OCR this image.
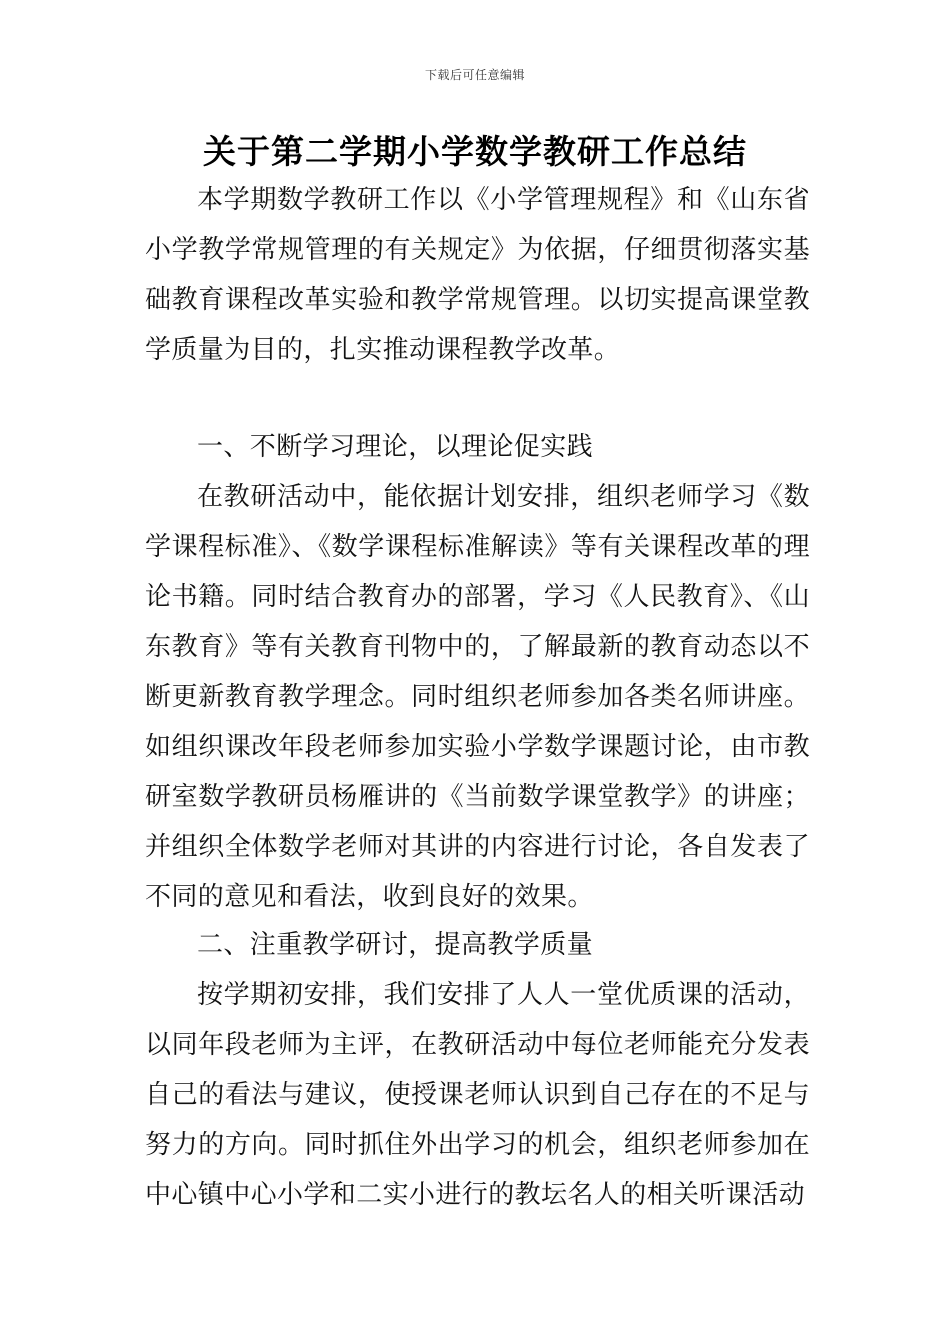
下载后可任意编辑
关于第二学期小学数学教研工作总结

本学期数学教研工作以《小学管理规程》和《山东省小学教学常规管理的有关规定》为依据，仔细贯彻落实基础教育课程改革实验和教学常规管理。以切实提高课堂教学质量为目的，扎实推动课程教学改革。

一、不断学习理论，以理论促实践

在教研活动中，能依据计划安排，组织老师学习《数学课程标准》、《数学课程标准解读》等有关课程改革的理论书籍。同时结合教育办的部署，学习《人民教育》、《山东教育》等有关教育刊物中的，了解最新的教育动态以不断更新教育教学理念。同时组织老师参加各类名师讲座。如组织课改年段老师参加实验小学数学课题讨论，由市教研室数学教研员杨雁讲的《当前数学课堂教学》的讲座；并组织全体数学老师对其讲的内容进行讨论，各自发表了不同的意见和看法，收到良好的效果。

二、注重教学研讨，提高教学质量

按学期初安排，我们安排了人人一堂优质课的活动，以同年段老师为主评，在教研活动中每位老师能充分发表自己的看法与建议，使授课老师认识到自己存在的不足与努力的方向。同时抓住外出学习的机会，组织老师参加在中心镇中心小学和二实小进行的教坛名人的相关听课活动
